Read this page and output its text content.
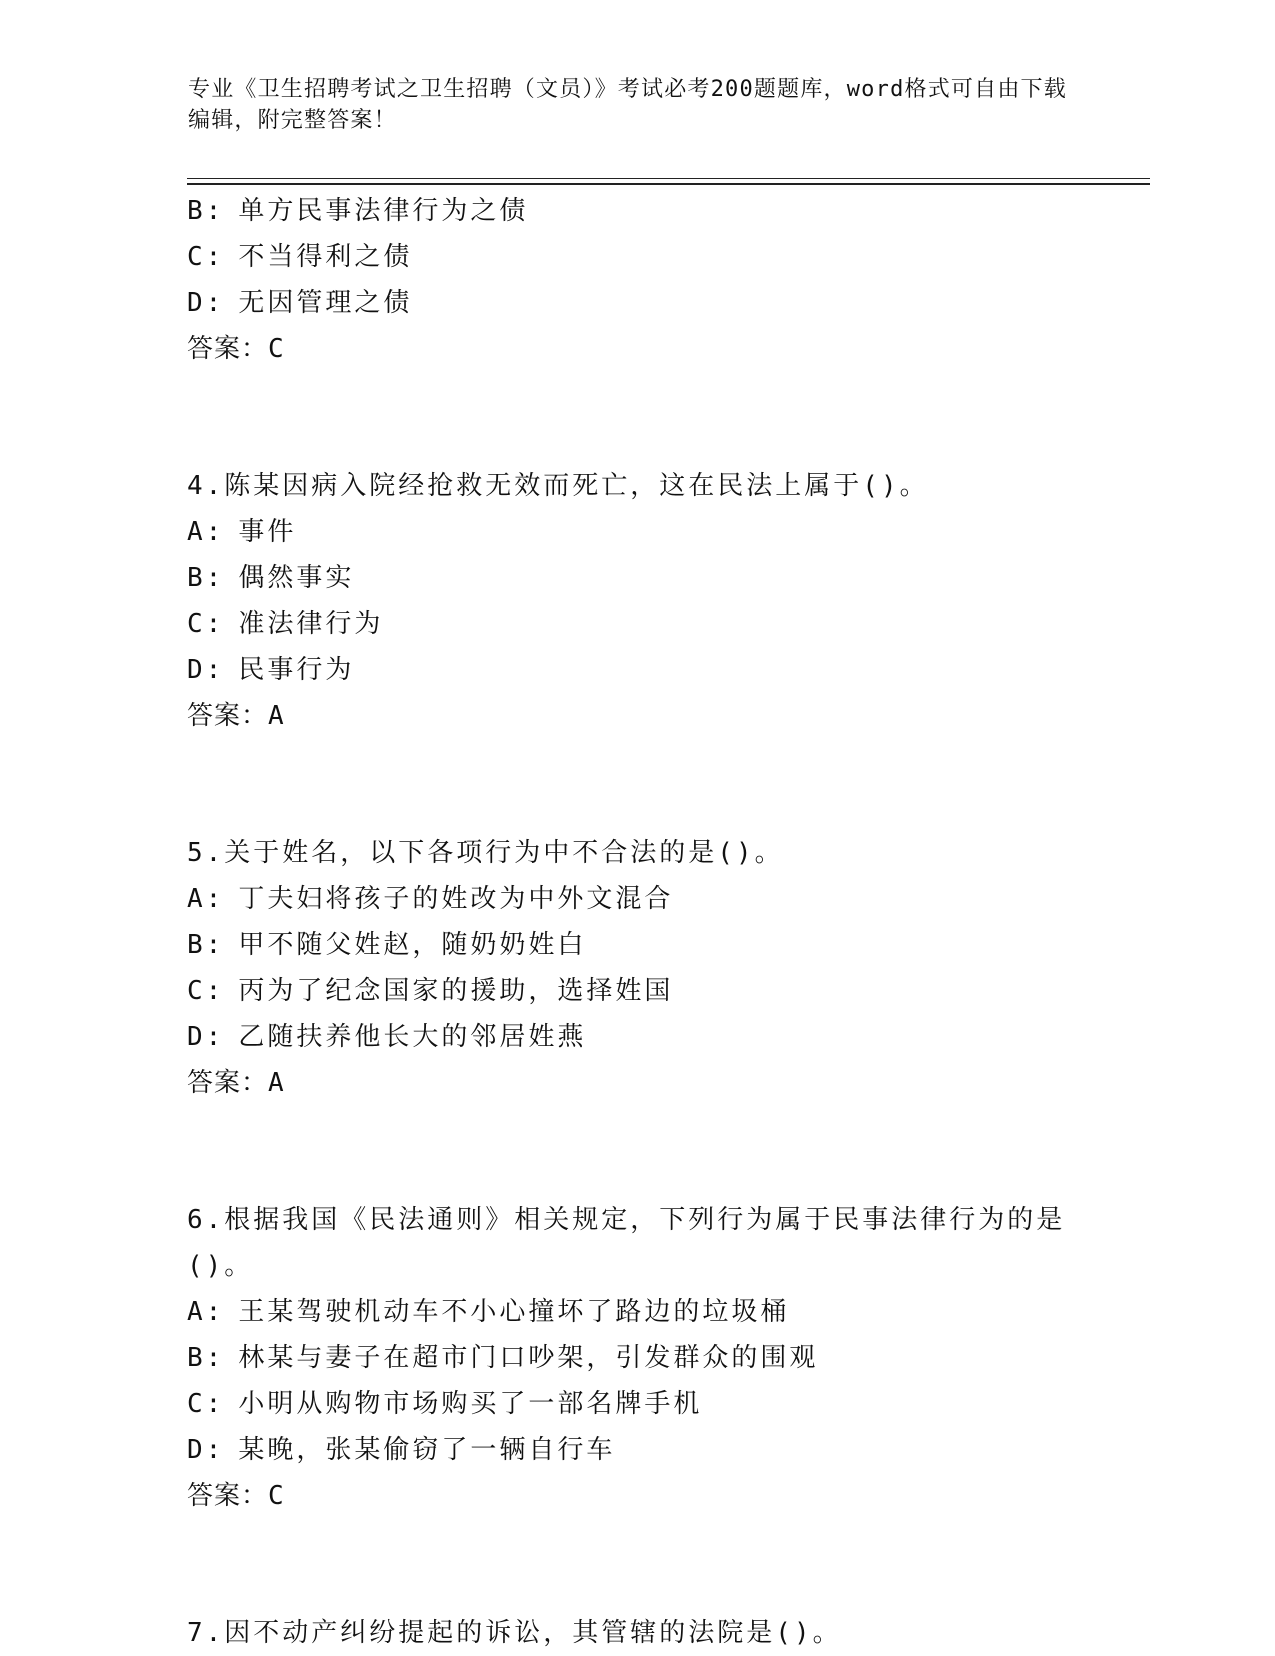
专业《卫生招聘考试之卫生招聘（文员）》考试必考200题题库，word格式可自由下载编辑，附完整答案！
B: 单方民事法律行为之债
C: 不当得利之债
D: 无因管理之债
答案：C
4.陈某因病入院经抢救无效而死亡，这在民法上属于()。
A: 事件
B: 偶然事实
C: 准法律行为
D: 民事行为
答案：A
5.关于姓名，以下各项行为中不合法的是()。
A: 丁夫妇将孩子的姓改为中外文混合
B: 甲不随父姓赵，随奶奶姓白
C: 丙为了纪念国家的援助，选择姓国
D: 乙随扶养他长大的邻居姓燕
答案：A
6.根据我国《民法通则》相关规定，下列行为属于民事法律行为的是
()。
A: 王某驾驶机动车不小心撞坏了路边的垃圾桶
B: 林某与妻子在超市门口吵架，引发群众的围观
C: 小明从购物市场购买了一部名牌手机
D: 某晚，张某偷窃了一辆自行车
答案：C
7.因不动产纠纷提起的诉讼，其管辖的法院是()。
